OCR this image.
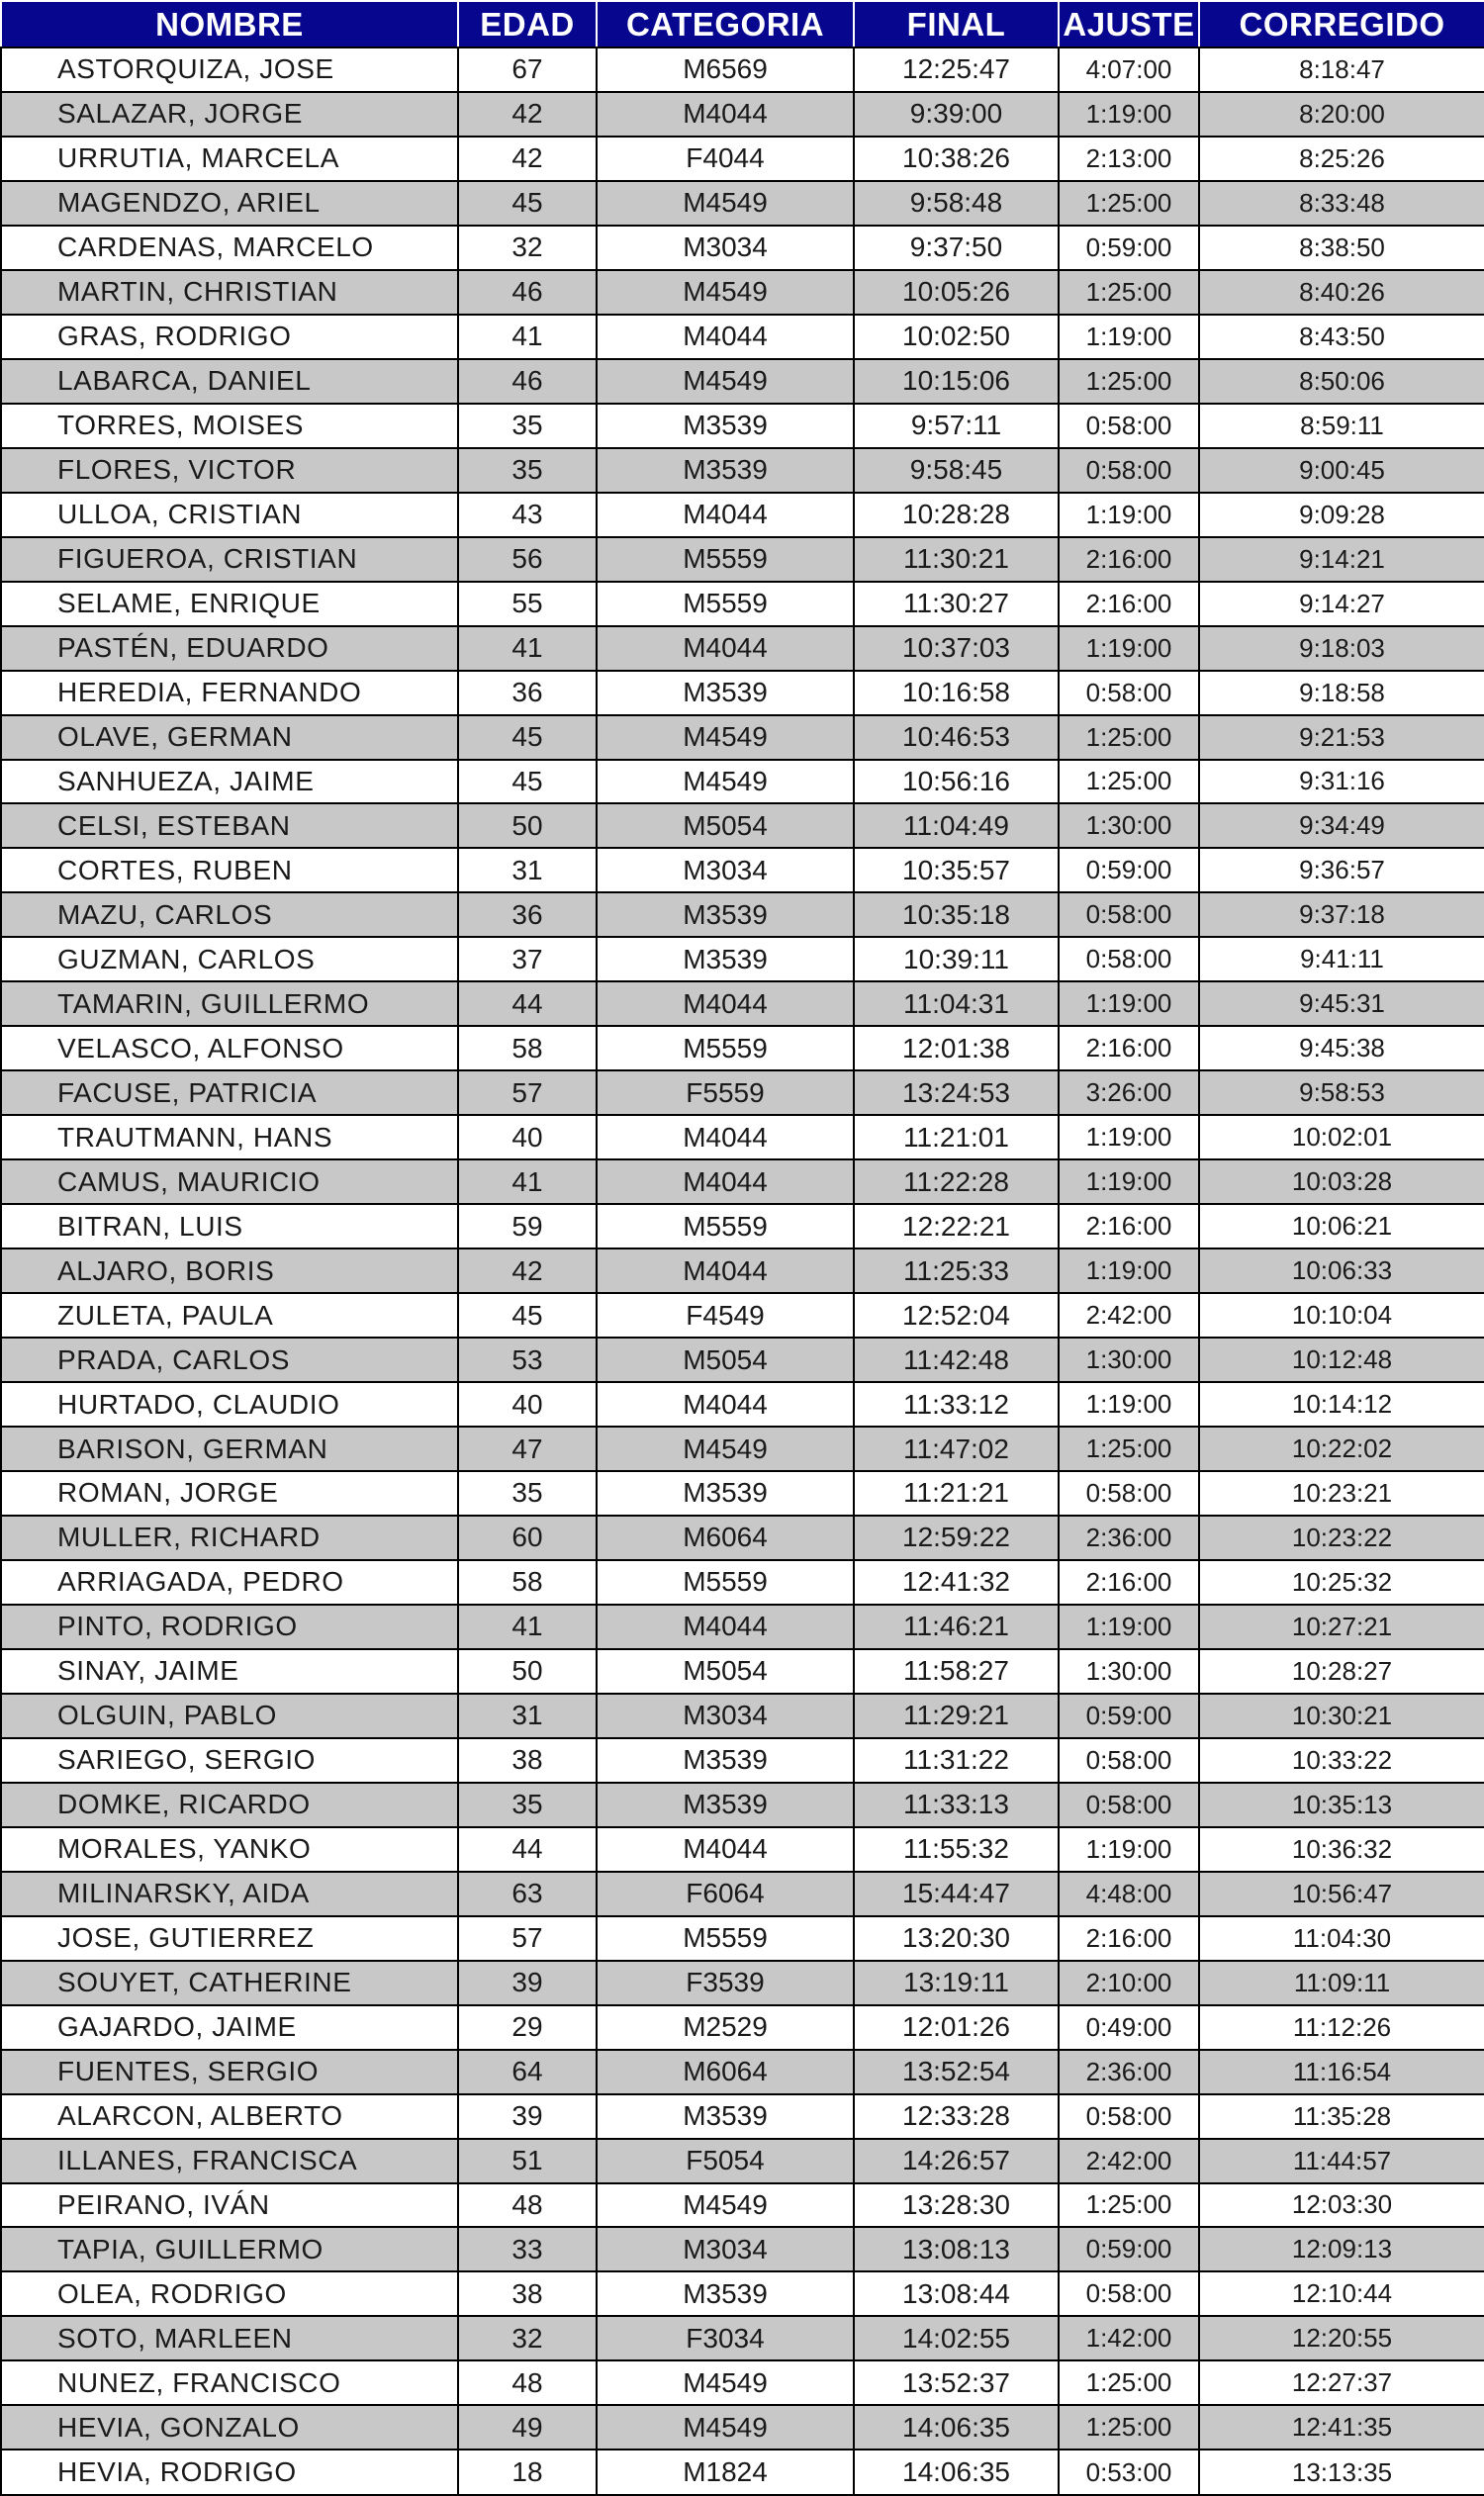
NOMBRE	EDAD	CATEGORIA	FINAL	AJUSTE	CORREGIDO
ASTORQUIZA, JOSE	67	M6569	12:25:47	4:07:00	8:18:47
SALAZAR, JORGE	42	M4044	9:39:00	1:19:00	8:20:00
URRUTIA, MARCELA	42	F4044	10:38:26	2:13:00	8:25:26
MAGENDZO, ARIEL	45	M4549	9:58:48	1:25:00	8:33:48
CARDENAS, MARCELO	32	M3034	9:37:50	0:59:00	8:38:50
MARTIN, CHRISTIAN	46	M4549	10:05:26	1:25:00	8:40:26
GRAS, RODRIGO	41	M4044	10:02:50	1:19:00	8:43:50
LABARCA, DANIEL	46	M4549	10:15:06	1:25:00	8:50:06
TORRES, MOISES	35	M3539	9:57:11	0:58:00	8:59:11
FLORES, VICTOR	35	M3539	9:58:45	0:58:00	9:00:45
ULLOA, CRISTIAN	43	M4044	10:28:28	1:19:00	9:09:28
FIGUEROA, CRISTIAN	56	M5559	11:30:21	2:16:00	9:14:21
SELAME, ENRIQUE	55	M5559	11:30:27	2:16:00	9:14:27
PASTÉN, EDUARDO	41	M4044	10:37:03	1:19:00	9:18:03
HEREDIA, FERNANDO	36	M3539	10:16:58	0:58:00	9:18:58
OLAVE, GERMAN	45	M4549	10:46:53	1:25:00	9:21:53
SANHUEZA, JAIME	45	M4549	10:56:16	1:25:00	9:31:16
CELSI, ESTEBAN	50	M5054	11:04:49	1:30:00	9:34:49
CORTES, RUBEN	31	M3034	10:35:57	0:59:00	9:36:57
MAZU, CARLOS	36	M3539	10:35:18	0:58:00	9:37:18
GUZMAN, CARLOS	37	M3539	10:39:11	0:58:00	9:41:11
TAMARIN, GUILLERMO	44	M4044	11:04:31	1:19:00	9:45:31
VELASCO, ALFONSO	58	M5559	12:01:38	2:16:00	9:45:38
FACUSE, PATRICIA	57	F5559	13:24:53	3:26:00	9:58:53
TRAUTMANN, HANS	40	M4044	11:21:01	1:19:00	10:02:01
CAMUS, MAURICIO	41	M4044	11:22:28	1:19:00	10:03:28
BITRAN, LUIS	59	M5559	12:22:21	2:16:00	10:06:21
ALJARO, BORIS	42	M4044	11:25:33	1:19:00	10:06:33
ZULETA, PAULA	45	F4549	12:52:04	2:42:00	10:10:04
PRADA, CARLOS	53	M5054	11:42:48	1:30:00	10:12:48
HURTADO, CLAUDIO	40	M4044	11:33:12	1:19:00	10:14:12
BARISON, GERMAN	47	M4549	11:47:02	1:25:00	10:22:02
ROMAN, JORGE	35	M3539	11:21:21	0:58:00	10:23:21
MULLER, RICHARD	60	M6064	12:59:22	2:36:00	10:23:22
ARRIAGADA, PEDRO	58	M5559	12:41:32	2:16:00	10:25:32
PINTO, RODRIGO	41	M4044	11:46:21	1:19:00	10:27:21
SINAY, JAIME	50	M5054	11:58:27	1:30:00	10:28:27
OLGUIN, PABLO	31	M3034	11:29:21	0:59:00	10:30:21
SARIEGO, SERGIO	38	M3539	11:31:22	0:58:00	10:33:22
DOMKE, RICARDO	35	M3539	11:33:13	0:58:00	10:35:13
MORALES, YANKO	44	M4044	11:55:32	1:19:00	10:36:32
MILINARSKY, AIDA	63	F6064	15:44:47	4:48:00	10:56:47
JOSE, GUTIERREZ	57	M5559	13:20:30	2:16:00	11:04:30
SOUYET, CATHERINE	39	F3539	13:19:11	2:10:00	11:09:11
GAJARDO, JAIME	29	M2529	12:01:26	0:49:00	11:12:26
FUENTES, SERGIO	64	M6064	13:52:54	2:36:00	11:16:54
ALARCON, ALBERTO	39	M3539	12:33:28	0:58:00	11:35:28
ILLANES, FRANCISCA	51	F5054	14:26:57	2:42:00	11:44:57
PEIRANO, IVÁN	48	M4549	13:28:30	1:25:00	12:03:30
TAPIA, GUILLERMO	33	M3034	13:08:13	0:59:00	12:09:13
OLEA, RODRIGO	38	M3539	13:08:44	0:58:00	12:10:44
SOTO, MARLEEN	32	F3034	14:02:55	1:42:00	12:20:55
NUNEZ, FRANCISCO	48	M4549	13:52:37	1:25:00	12:27:37
HEVIA, GONZALO	49	M4549	14:06:35	1:25:00	12:41:35
HEVIA, RODRIGO	18	M1824	14:06:35	0:53:00	13:13:35
